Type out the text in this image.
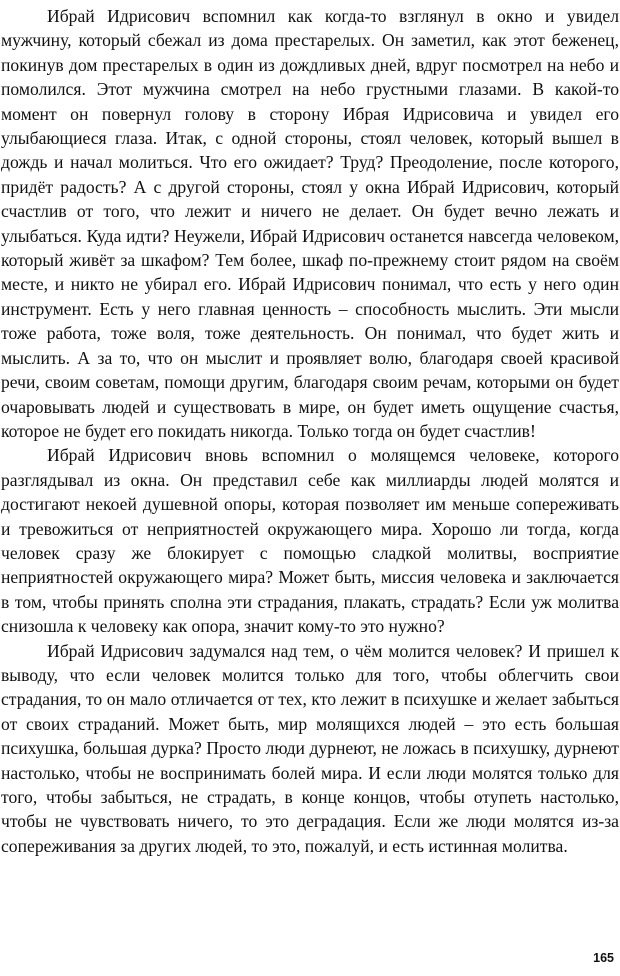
Ибрай Идрисович вспомнил как когда-то взглянул в окно и увидел мужчину, который сбежал из дома престарелых. Он заметил, как этот беженец, покинув дом престарелых в один из дождливых дней, вдруг посмотрел на небо и помолился. Этот мужчина смотрел на небо грустными глазами. В какой-то момент он повернул голову в сторону Ибрая Идрисовича и увидел его улыбающиеся глаза. Итак, с одной стороны, стоял человек, который вышел в дождь и начал молиться. Что его ожидает? Труд? Преодоление, после которого, придёт радость? А с другой стороны, стоял у окна Ибрай Идрисович, который счастлив от того, что лежит и ничего не делает. Он будет вечно лежать и улыбаться. Куда идти? Неужели, Ибрай Идрисович останется навсегда человеком, который живёт за шкафом? Тем более, шкаф по-прежнему стоит рядом на своём месте, и никто не убирал его. Ибрай Идрисович понимал, что есть у него один инструмент. Есть у него главная ценность – способность мыслить. Эти мысли тоже работа, тоже воля, тоже деятельность. Он понимал, что будет жить и мыслить. А за то, что он мыслит и проявляет волю, благодаря своей красивой речи, своим советам, помощи другим, благодаря своим речам, которыми он будет очаровывать людей и существовать в мире, он будет иметь ощущение счастья, которое не будет его покидать никогда. Только тогда он будет счастлив!

Ибрай Идрисович вновь вспомнил о молящемся человеке, которого разглядывал из окна. Он представил себе как миллиарды людей молятся и достигают некоей душевной опоры, которая позволяет им меньше сопереживать и тревожиться от неприятностей окружающего мира. Хорошо ли тогда, когда человек сразу же блокирует с помощью сладкой молитвы, восприятие неприятностей окружающего мира? Может быть, миссия человека и заключается в том, чтобы принять сполна эти страдания, плакать, страдать? Если уж молитва снизошла к человеку как опора, значит кому-то это нужно?

Ибрай Идрисович задумался над тем, о чём молится человек? И пришел к выводу, что если человек молится только для того, чтобы облегчить свои страдания, то он мало отличается от тех, кто лежит в психушке и желает забыться от своих страданий. Может быть, мир молящихся людей – это есть большая психушка, большая дурка? Просто люди дурнеют, не ложась в психушку, дурнеют настолько, чтобы не воспринимать болей мира. И если люди молятся только для того, чтобы забыться, не страдать, в конце концов, чтобы отупеть настолько, чтобы не чувствовать ничего, то это деградация. Если же люди молятся из-за сопереживания за других людей, то это, пожалуй, и есть истинная молитва.

165
